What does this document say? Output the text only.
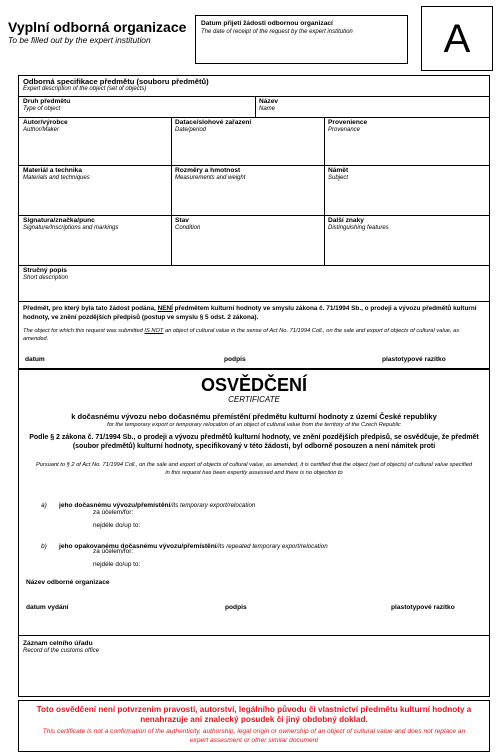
Vyplní odborná organizace
To be filled out by the expert institution
Datum přijetí žádosti odbornou organizací
The date of receipt of the request by the expert institution	A
Odborná specifikace předmětu (souboru předmětů)
Expert description of the object (set of objects)
Druh předmětu
Type of object
Název
Name
Autor/výrobce
Author/Maker
Datace/slohové zařazení
Date/period
Provenience
Provenance
Materiál a technika
Materials and techniques
Rozměry a hmotnost
Measurements and weight
Námět
Subject
Signatura/značka/punc
Signature/Inscriptions and markings
Stav
Condition
Další znaky
Distinguishing features
Stručný popis
Short description
Předmět, pro který byla tato žádost podána, NENÍ předmětem kulturní hodnoty ve smyslu zákona č. 71/1994 Sb., o prodeji a vývozu předmětů kulturní hodnoty, ve znění pozdějších předpisů (postup ve smyslu § 5 odst. 2 zákona).
The object for which this request was submitted IS NOT an object of cultural value in the sense of Act No. 71/1994 Coll., on the sale and export of objects of cultural value, as amended.
datum	podpis	plastotypové razítko
OSVĚDČENÍ
CERTIFICATE
k dočasnému vývozu nebo dočasnému přemístění předmětu kulturní hodnoty z území České republiky
for the temporary export or temporary relocation of an object of cultural value from the territory of the Czech Republic
Podle § 2 zákona č. 71/1994 Sb., o prodeji a vývozu předmětů kulturní hodnoty, ve znění pozdějších předpisů, se osvědčuje, že předmět (soubor předmětů) kulturní hodnoty, specifikovaný v této žádosti, byl odborně posouzen a není námitek proti
Pursuant to § 2 of Act No. 71/1994 Coll., on the sale and export of objects of cultural value, as amended, it is certified that the object (set of objects) of cultural value specified in this request has been expertly assessed and there is no objection to
a) jeho dočasnému vývozu/přemístění/its temporary export/relocation
za účelem/for:
nejdéle do/up to:
b) jeho opakovanému dočasnému vývozu/přemístění/its repeated temporary export/relocation
za účelem/for:
nejdéle do/up to:
Název odborné organizace
datum vydání	podpis	plastotypové razítko
Záznam celního úřadu
Record of the customs office
Toto osvědčení není potvrzením pravosti, autorství, legálního původu či vlastnictví předmětu kulturní hodnoty a nenahrazuje ani znalecký posudek či jiný obdobný doklad.
This certificate is not a confirmation of the authenticity, authorship, legal origin or ownership of an object of cultural value and does not replace an expert assesment or other similar document
